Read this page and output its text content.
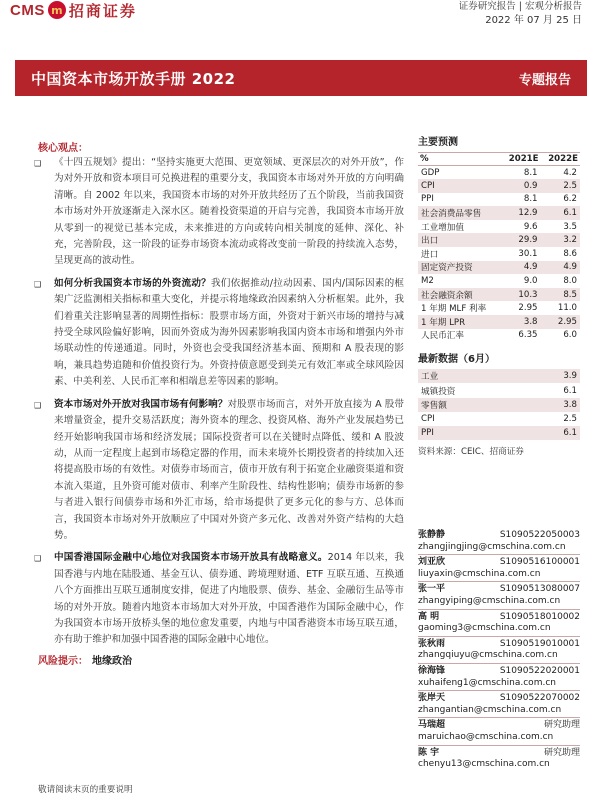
CMS m 招商证券	证券研究报告 | 宏观分析报告
2022 年 07 月 25 日
中国资本市场开放手册 2022	专题报告
核心观点：
❑	《十四五规划》提出：“坚持实施更大范围、更宽领域、更深层次的对外开放”，作为对外开放和资本项目可兑换进程的重要分支，我国资本市场对外开放的方向明确清晰。自 2002 年以来，我国资本市场的对外开放共经历了五个阶段，当前我国资本市场对外开放逐渐走入深水区。随着投资渠道的开启与完善，我国资本市场开放从零到一的视觉已基本完成，未来推进的方向或转向相关制度的延伸、深化、补充，完善阶段，这一阶段的证券市场资本流动或将改变前一阶段的持续流入态势，呈现更高的波动性。
❑	如何分析我国资本市场的外资流动？我们依据推动/拉动因素、国内/国际因素的框架广泛监测相关指标和重大变化，并提示将地缘政治因素纳入分析框架。此外，我们着重关注影响显著的周期性指标：股票市场方面，外资对于新兴市场的增持与减持受全球风险偏好影响，因而外资成为海外因素影响我国内资本市场和增强内外市场联动性的传递通道。同时，外资也会受我国经济基本面、预期和 A 股表现的影响，兼具趋势追随和价值投资行为。外资持债意愿受到美元有效汇率或全球风险因素、中美利差、人民币汇率和相端息差等因素的影响。
❑	资本市场对外开放对我国市场有何影响？对股票市场而言，对外开放直接为 A 股带来增量资金，提升交易活跃度；海外资本的理念、投资风格、海外产业发展趋势已经开始影响我国市场和经济发展；国际投资者可以在关键时点降低、缓和 A 股波动，从而一定程度上起到市场稳定器的作用，而未来境外长期投资者的持续加入还将提高股市场的有效性。对债券市场而言，债市开放有利于拓宽企业融资渠道和资本流入渠道，且外资可能对债市、利率产生阶段性、结构性影响；债券市场新的参与者进入银行间债券市场和外汇市场，给市场提供了更多元化的参与方、总体而言，我国资本市场对外开放顺应了中国对外资产多元化、改善对外资产结构的大趋势。
❑	中国香港国际金融中心地位对我国资本市场开放具有战略意义。2014 年以来，我国香港与内地在陆股通、基金互认、债券通、跨境理财通、ETF 互联互通、互换通八个方面推出互联互通制度安排，促进了内地股票、债券、基金、金融衍生品等市场的对外开放。随着内地资本市场加大对外开放，中国香港作为国际金融中心，作为我国资本市场开放桥头堡的地位愈发重要，内地与中国香港资本市场互联互通，亦有助于维护和加强中国香港的国际金融中心地位。
风险提示： 地缘政治
主要预测
%	2021E	2022E
GDP	8.1	4.2
CPI	0.9	2.5
PPI	8.1	6.2
社会消费品零售	12.9	6.1
工业增加值	9.6	3.5
出口	29.9	3.2
进口	30.1	8.6
固定资产投资	4.9	4.9
M2	9.0	8.0
社会融资余额	10.3	8.5
1 年期 MLF 利率	2.95	11.0
1 年期 LPR	3.8	2.95
人民币汇率	6.35	6.0
最新数据（6月）
工业	3.9
城镇投资	6.1
零售额	3.8
CPI	2.5
PPI	6.1
资料来源：CEIC、招商证券
张静静	S1090522050003
zhangjingjing@cmschina.com.cn
刘亚欣	S1090516100001
liuyaxin@cmschina.com.cn
张一平	S1090513080007
zhangyiping@cmschina.com.cn
高 明	S1090518010002
gaoming3@cmschina.com.cn
张秋雨	S1090519010001
zhangqiuyu@cmschina.com.cn
徐海锋	S1090522020001
xuhaifeng1@cmschina.com.cn
张岸天	S1090522070002
zhangantian@cmschina.com.cn
马瑞超	研究助理
maruichao@cmschina.com.cn
陈 宇	研究助理
chenyu13@cmschina.com.cn
敬请阅读末页的重要说明
